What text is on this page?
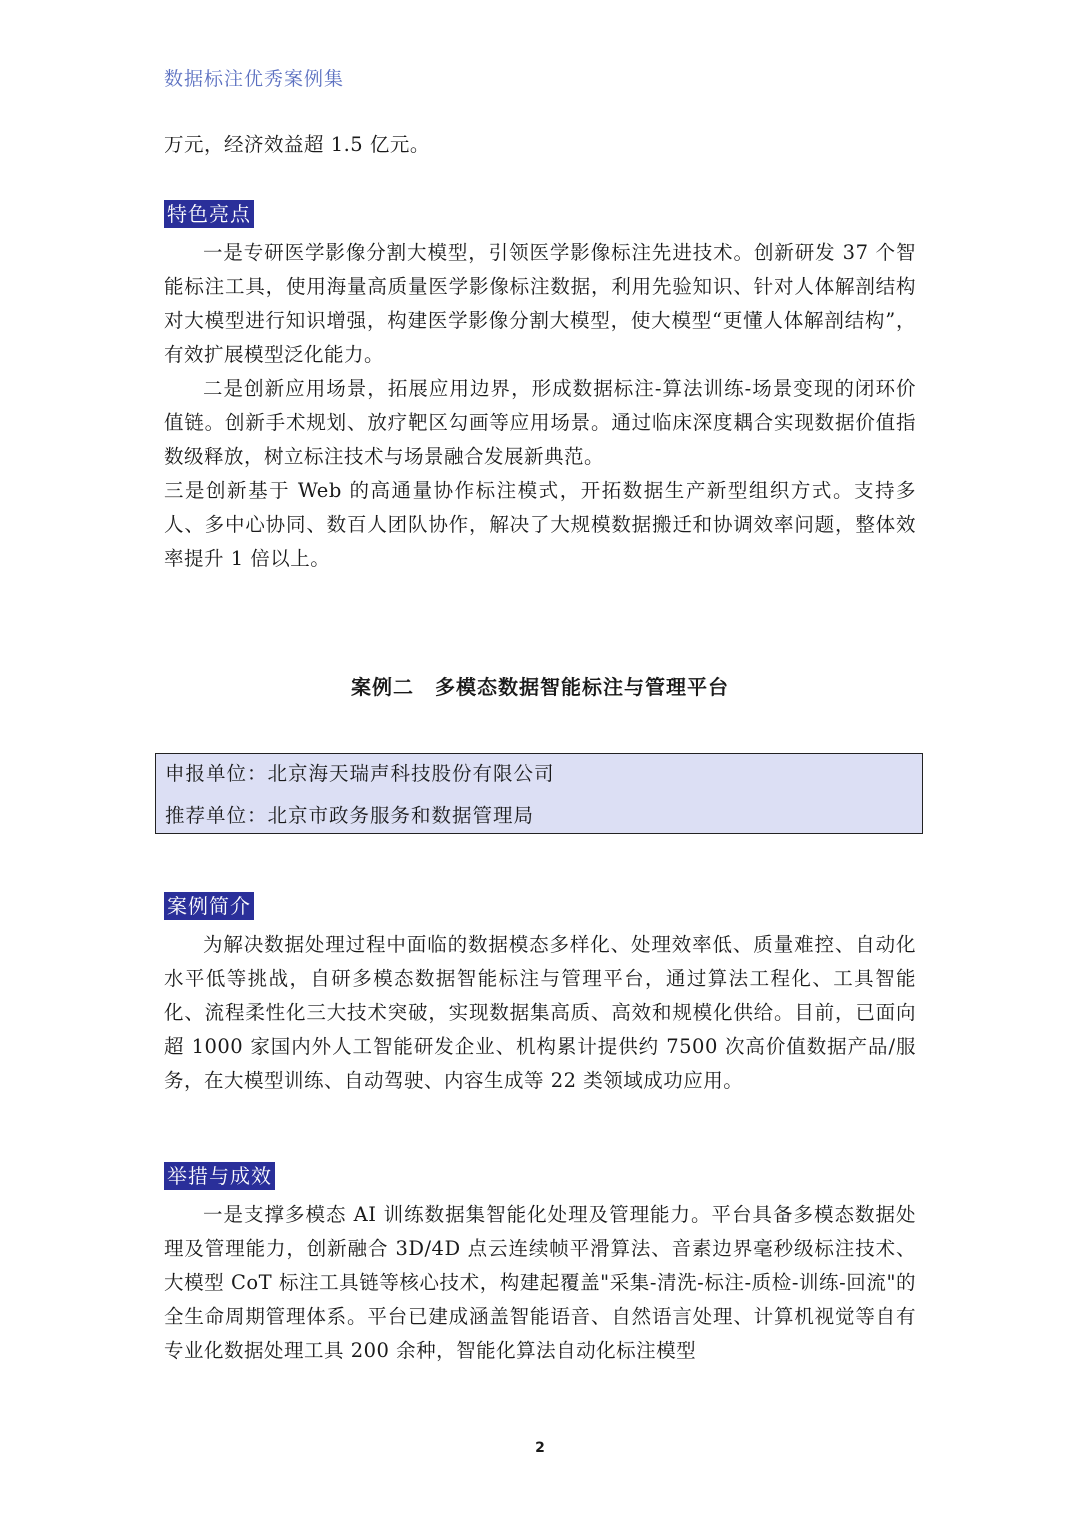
数据标注优秀案例集

万元，经济效益超 1.5 亿元。

特色亮点

一是专研医学影像分割大模型，引领医学影像标注先进技术。创新研发 37 个智能标注工具，使用海量高质量医学影像标注数据，利用先验知识、针对人体解剖结构对大模型进行知识增强，构建医学影像分割大模型，使大模型“更懂人体解剖结构”，有效扩展模型泛化能力。

二是创新应用场景，拓展应用边界，形成数据标注-算法训练-场景变现的闭环价值链。创新手术规划、放疗靶区勾画等应用场景。通过临床深度耦合实现数据价值指数级释放，树立标注技术与场景融合发展新典范。

三是创新基于 Web 的高通量协作标注模式，开拓数据生产新型组织方式。支持多人、多中心协同、数百人团队协作，解决了大规模数据搬迁和协调效率问题，整体效率提升 1 倍以上。

案例二　多模态数据智能标注与管理平台
申报单位：北京海天瑞声科技股份有限公司
推荐单位：北京市政务服务和数据管理局
案例简介

为解决数据处理过程中面临的数据模态多样化、处理效率低、质量难控、自动化水平低等挑战，自研多模态数据智能标注与管理平台，通过算法工程化、工具智能化、流程柔性化三大技术突破，实现数据集高质、高效和规模化供给。目前，已面向超 1000 家国内外人工智能研发企业、机构累计提供约 7500 次高价值数据产品/服务，在大模型训练、自动驾驶、内容生成等 22 类领域成功应用。

举措与成效

一是支撑多模态 AI 训练数据集智能化处理及管理能力。平台具备多模态数据处理及管理能力，创新融合 3D/4D 点云连续帧平滑算法、音素边界毫秒级标注技术、大模型 CoT 标注工具链等核心技术，构建起覆盖"采集-清洗-标注-质检-训练-回流"的全生命周期管理体系。平台已建成涵盖智能语音、自然语言处理、计算机视觉等自有专业化数据处理工具 200 余种，智能化算法自动化标注模型

2
